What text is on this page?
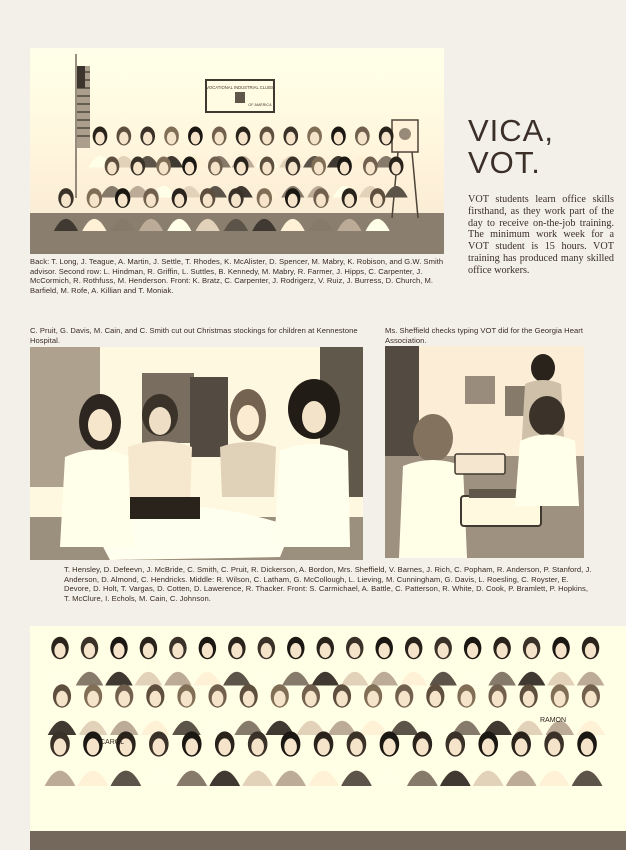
VOCATIONAL INDUSTRIAL CLUBS
OF AMERICA
Back: T. Long, J. Teague, A. Martin, J. Settle, T. Rhodes, K. McAlister, D. Spencer, M. Mabry, K. Robison, and G.W. Smith advisor. Second row: L. Hindman, R. Griffin, L. Suttles, B. Kennedy, M. Mabry, R. Farmer, J. Hipps, C. Carpenter, J. McCormich, R. Rothfuss, M. Henderson. Front: K. Bratz, C. Carpenter, J. Rodrigerz, V. Ruiz, J. Burress, D. Church, M. Barfield, M. Rofe, A. Killian and T. Moniak.
VICA,
VOT.
VOT students learn office skills firsthand, as they work part of the day to receive on-the-job training. The minimum work week for a VOT student is 15 hours. VOT training has produced many skilled office workers.
C. Pruit, G. Davis, M. Cain, and C. Smith cut out Christmas stockings for children at Kennestone Hospital.
Ms. Sheffield checks typing VOT did for the Georgia Heart Association.
T. Hensley, D. Defeevn, J. McBride, C. Smith, C. Pruit, R. Dickerson, A. Bordon, Mrs. Sheffield, V. Barnes, J. Rich, C. Popham, R. Anderson, P. Stanford, J. Anderson, D. Almond, C. Hendricks. Middle: R. Wilson, C. Latham, G. McCollough, L. Lieving, M. Cunningham, G. Davis, L. Roesling, C. Royster, E. Devore, D. Holt, T. Vargas, D. Cotten, D. Lawerence, R. Thacker. Front: S. Carmichael, A. Battle, C. Patterson, R. White, D. Cook, P. Bramlett, P. Hopkins, T. McClure, I. Echols, M. Cain, C. Johnson.
CAROL
RAMON
